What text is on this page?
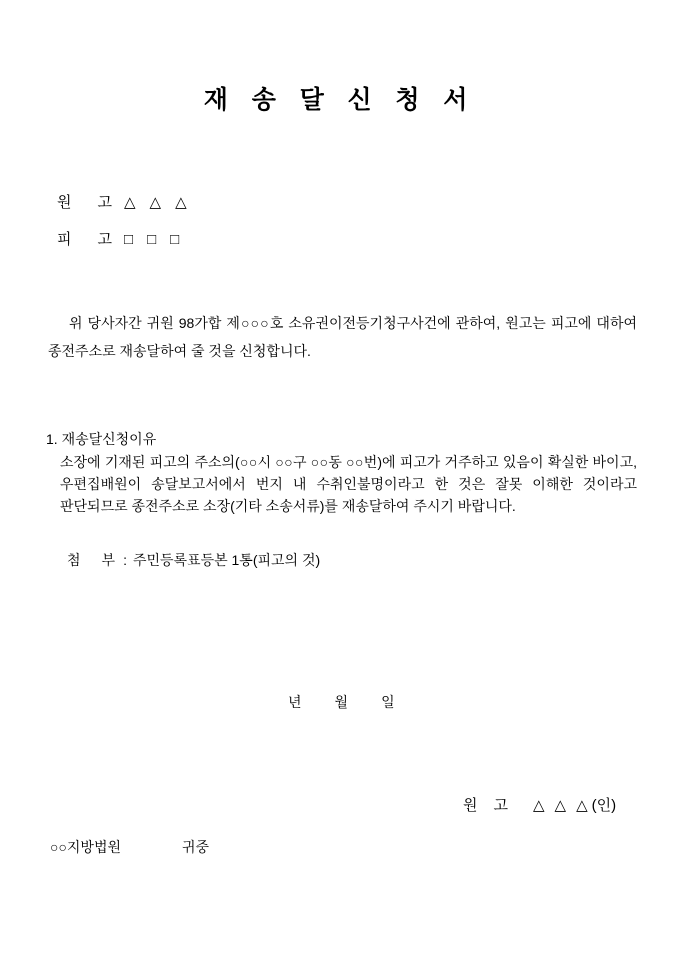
재 송 달 신 청 서
원 고 △ △ △
피 고 □ □ □
위 당사자간 귀원 98가합 제○○○호 소유권이전등기청구사건에 관하여, 원고는 피고에 대하여 종전주소로 재송달하여 줄 것을 신청합니다.
1. 재송달신청이유
소장에 기재된 피고의 주소의(○○시 ○○구 ○○동 ○○번)에 피고가 거주하고 있음이 확실한 바이고, 우편집배원이 송달보고서에서 번지 내 수취인불명이라고 한 것은 잘못 이해한 것이라고 판단되므로 종전주소로 소장(기타 소송서류)를 재송달하여 주시기 바랍니다.
첨 부 : 주민등록표등본 1통(피고의 것)
년 월 일
원 고 △ △ △ (인)
○○지방법원	귀중
